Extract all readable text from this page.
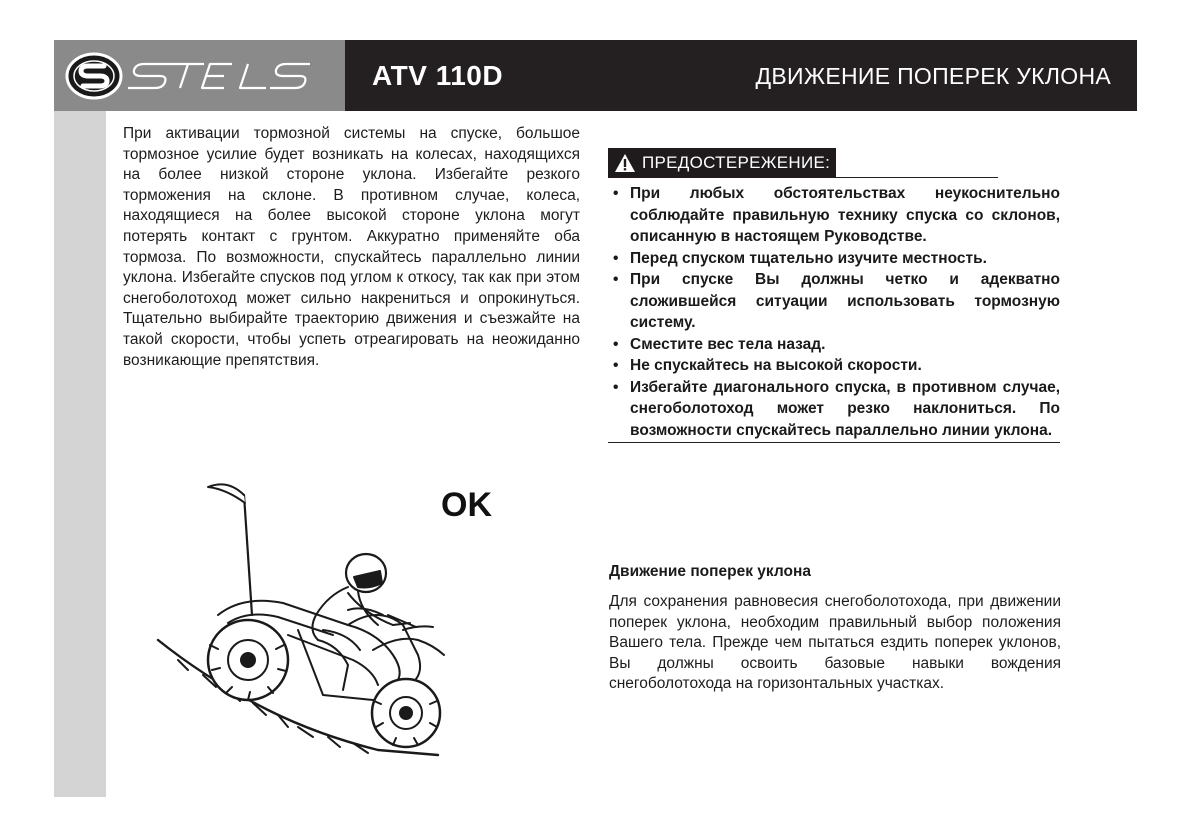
ATV 110D	ДВИЖЕНИЕ ПОПЕРЕК УКЛОНА
При активации тормозной системы на спуске, большое тормозное усилие будет возникать на колесах, находящихся на более низкой стороне уклона. Избегайте резкого торможения на склоне. В противном случае, колеса, находящиеся на более высокой стороне уклона могут потерять контакт с грунтом. Аккуратно применяйте оба тормоза. По возможности, спускайтесь параллельно линии уклона. Избегайте спусков под углом к откосу, так как при этом снегоболотоход может сильно накрениться и опрокинуться. Тщательно выбирайте траекторию движения и съезжайте на такой скорости, чтобы успеть отреагировать на неожиданно возникающие препятствия.
OK
ПРЕДОСТЕРЕЖЕНИЕ:
• При любых обстоятельствах неукоснительно соблюдайте правильную технику спуска со склонов, описанную в настоящем Руководстве.
• Перед спуском тщательно изучите местность.
• При спуске Вы должны четко и адекватно сложившейся ситуации использовать тормозную систему.
• Сместите вес тела назад.
• Не спускайтесь на высокой скорости.
• Избегайте диагонального спуска, в противном случае, снегоболотоход может резко наклониться. По возможности спускайтесь параллельно линии уклона.
Движение поперек уклона
Для сохранения равновесия снегоболотохода, при движении поперек уклона, необходим правильный выбор положения Вашего тела. Прежде чем пытаться ездить поперек уклонов, Вы должны освоить базовые навыки вождения снегоболотохода на горизонтальных участках.
